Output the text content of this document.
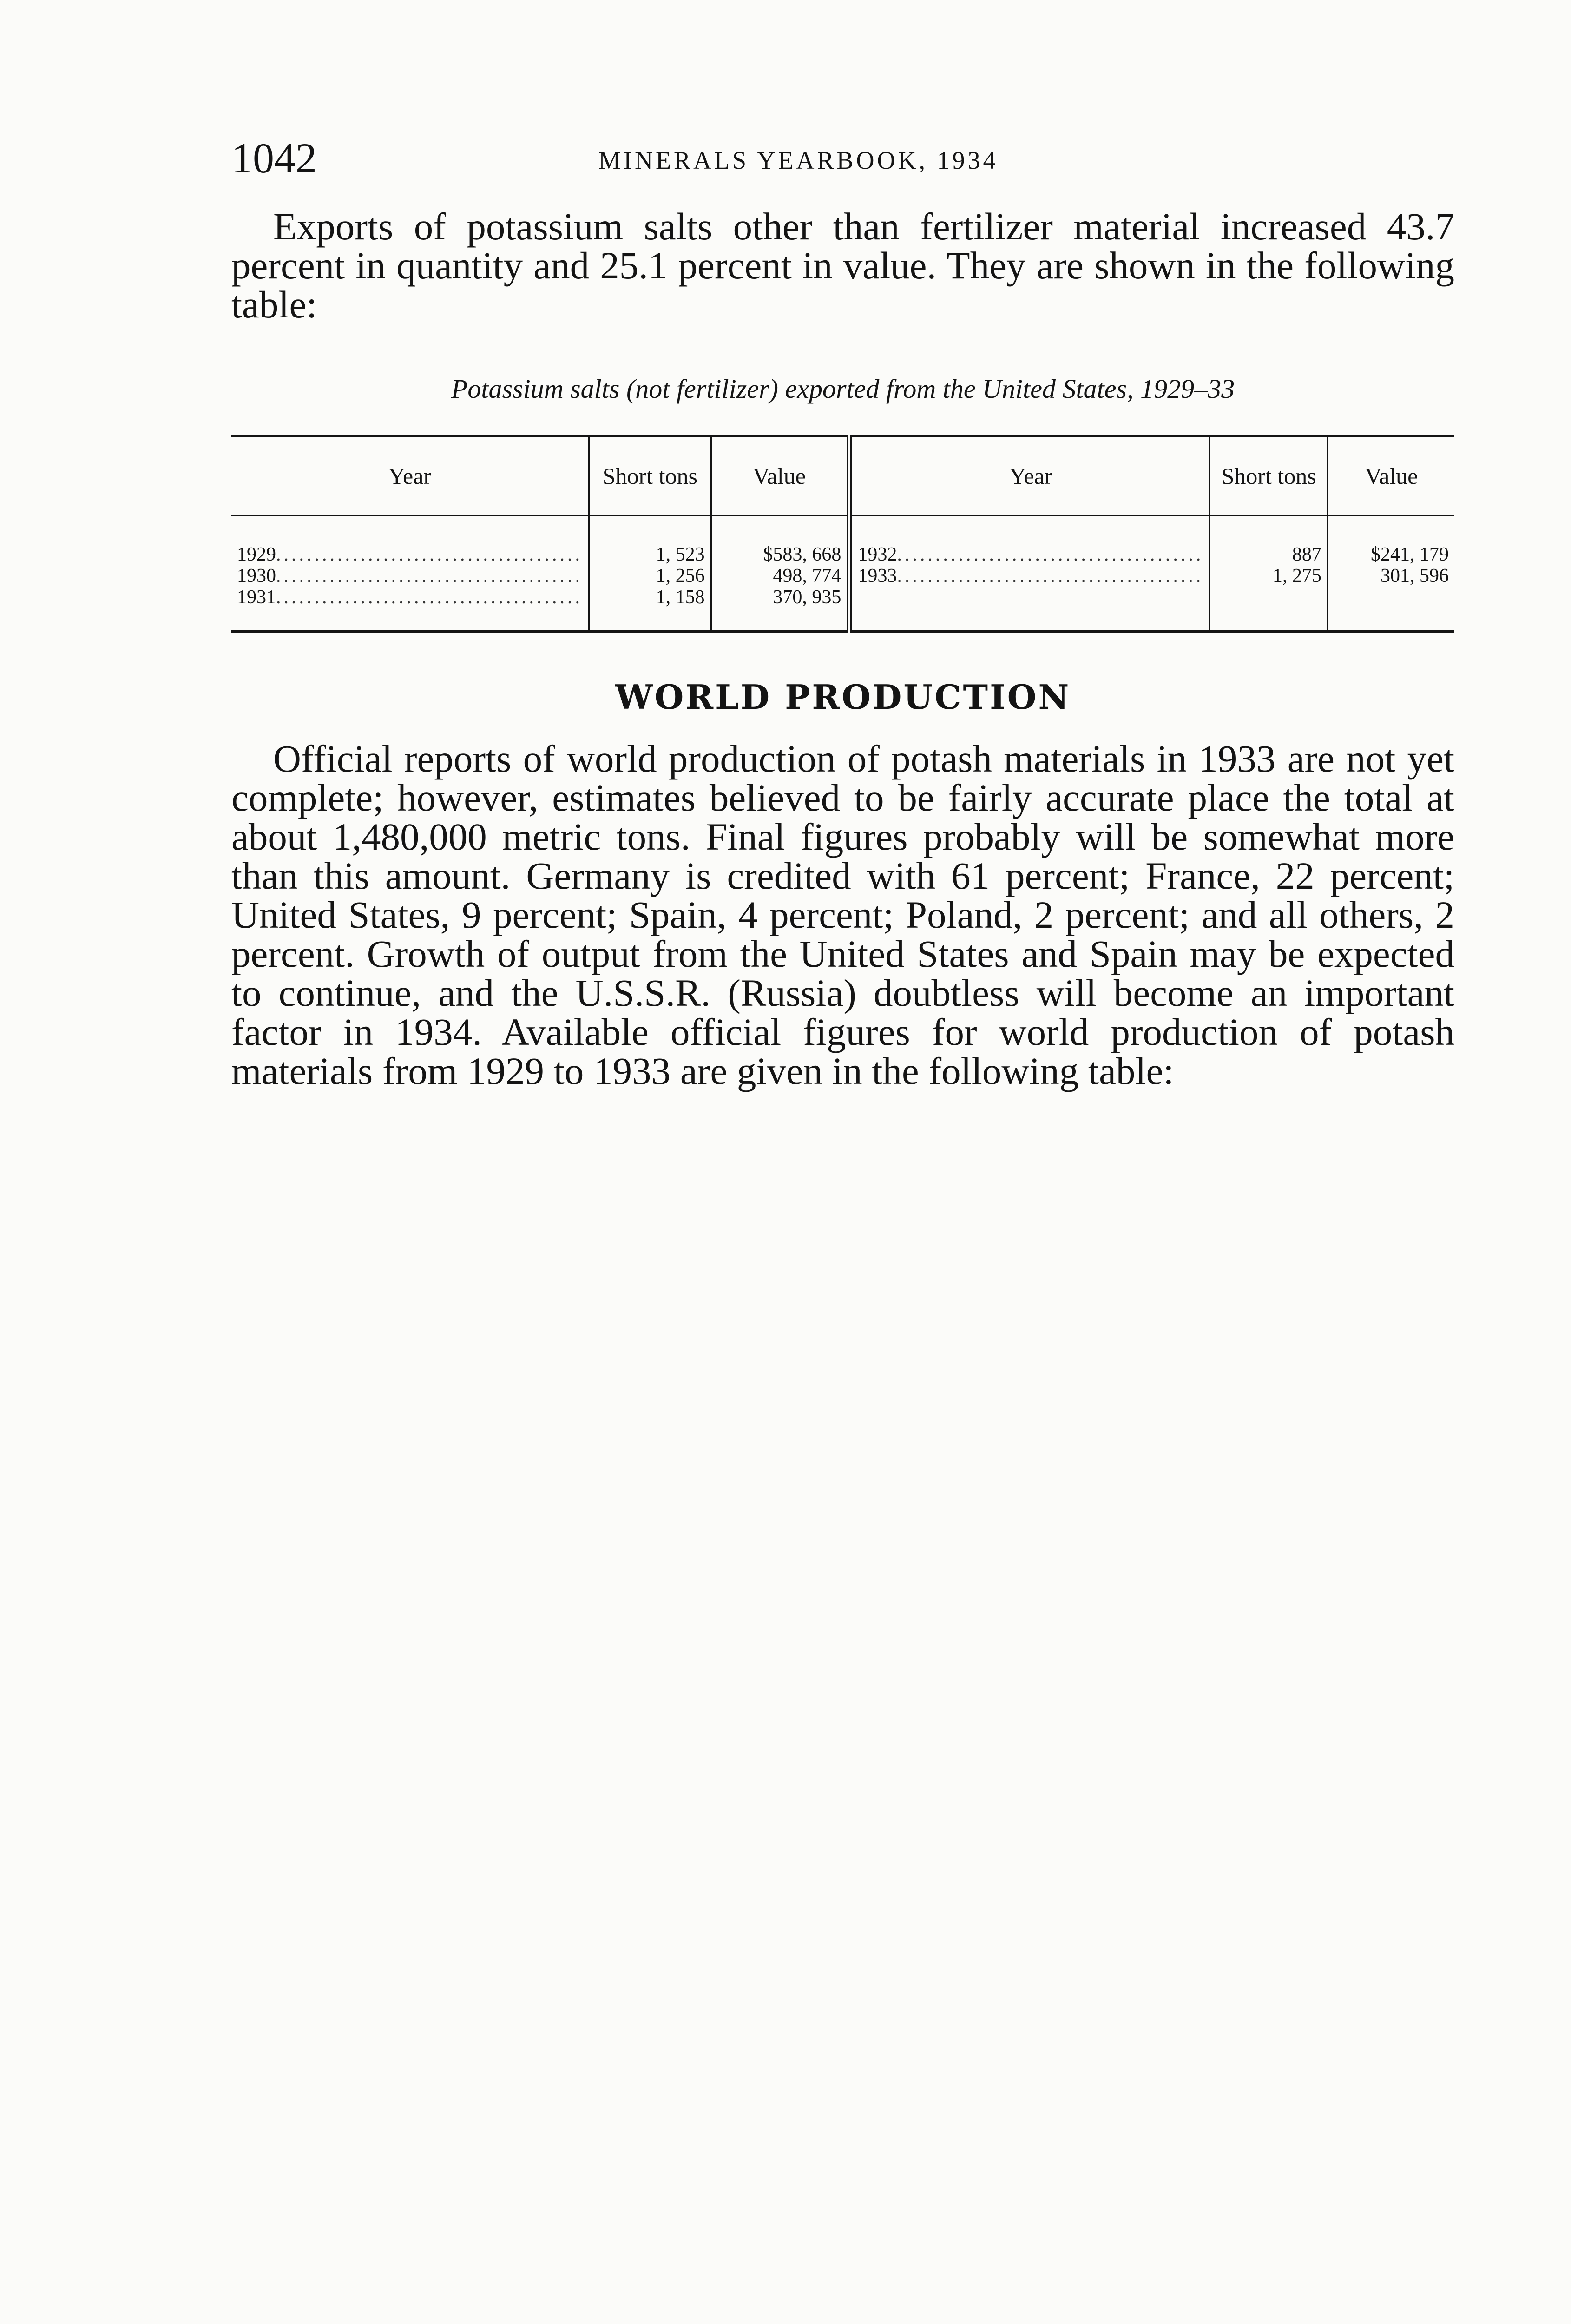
1042	MINERALS YEARBOOK, 1934

Exports of potassium salts other than fertilizer material increased 43.7 percent in quantity and 25.1 percent in value. They are shown in the following table:

Potassium salts (not fertilizer) exported from the United States, 1929–33
Year	Short tons	Value	Year	Short tons	Value
1929........................................	1, 523	$583, 668	1932........................................	887	$241, 179
1930........................................	1, 256	498, 774	1933........................................	1, 275	301, 596
1931........................................	1, 158	370, 935			
WORLD PRODUCTION

Official reports of world production of potash materials in 1933 are not yet complete; however, estimates believed to be fairly accurate place the total at about 1,480,000 metric tons. Final figures probably will be somewhat more than this amount. Germany is credited with 61 percent; France, 22 percent; United States, 9 percent; Spain, 4 percent; Poland, 2 percent; and all others, 2 percent. Growth of output from the United States and Spain may be expected to continue, and the U.S.S.R. (Russia) doubtless will become an important factor in 1934. Available official figures for world production of potash materials from 1929 to 1933 are given in the following table:
